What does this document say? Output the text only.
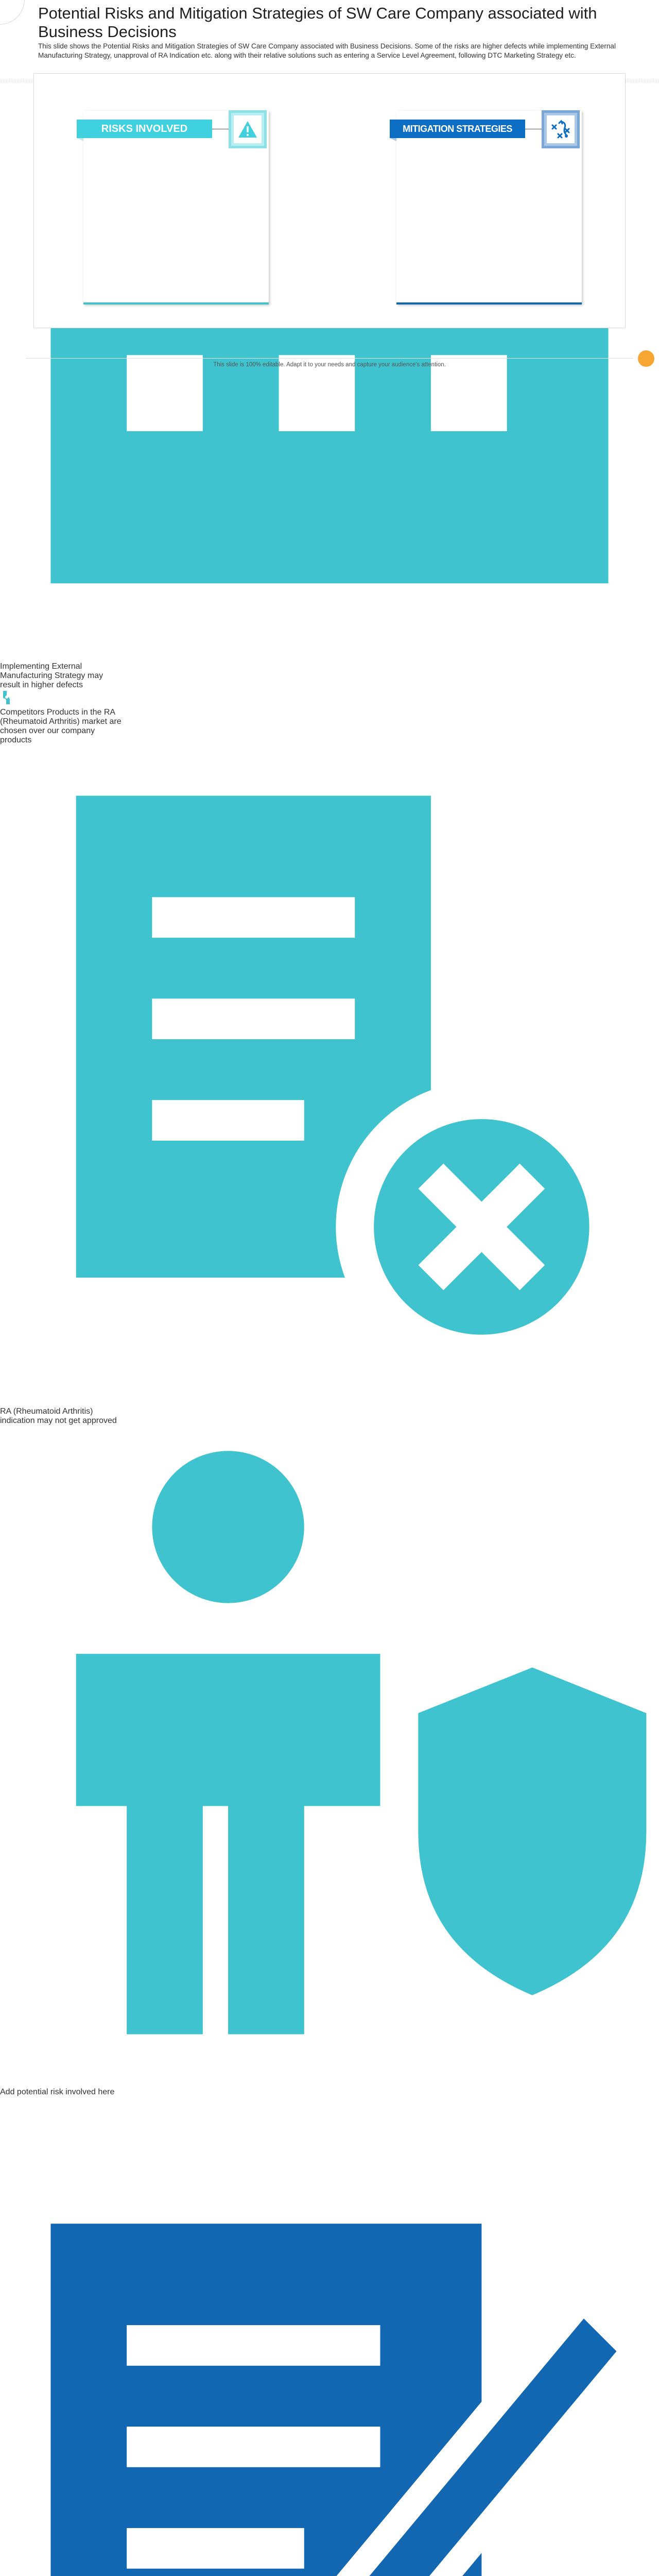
Potential Risks and Mitigation Strategies of SW Care Company associated with Business Decisions

This slide shows the Potential Risks and Mitigation Strategies of SW Care Company associated with Business Decisions. Some of the risks are higher defects while implementing External Manufacturing Strategy, unapproval of RA Indication etc. along with their relative solutions such as entering a Service Level Agreement, following DTC Marketing Strategy etc.

RISKS INVOLVED
Implementing External Manufacturing Strategy may result in higher defects
Competitors Products in the RA (Rheumatoid Arthritis) market are chosen over our company products
RA (Rheumatoid Arthritis) indication may not get approved
Add potential risk involved here
MITIGATION STRATEGIES
This slide is 100% editable. Adapt it to your needs and capture your audience's attention.
